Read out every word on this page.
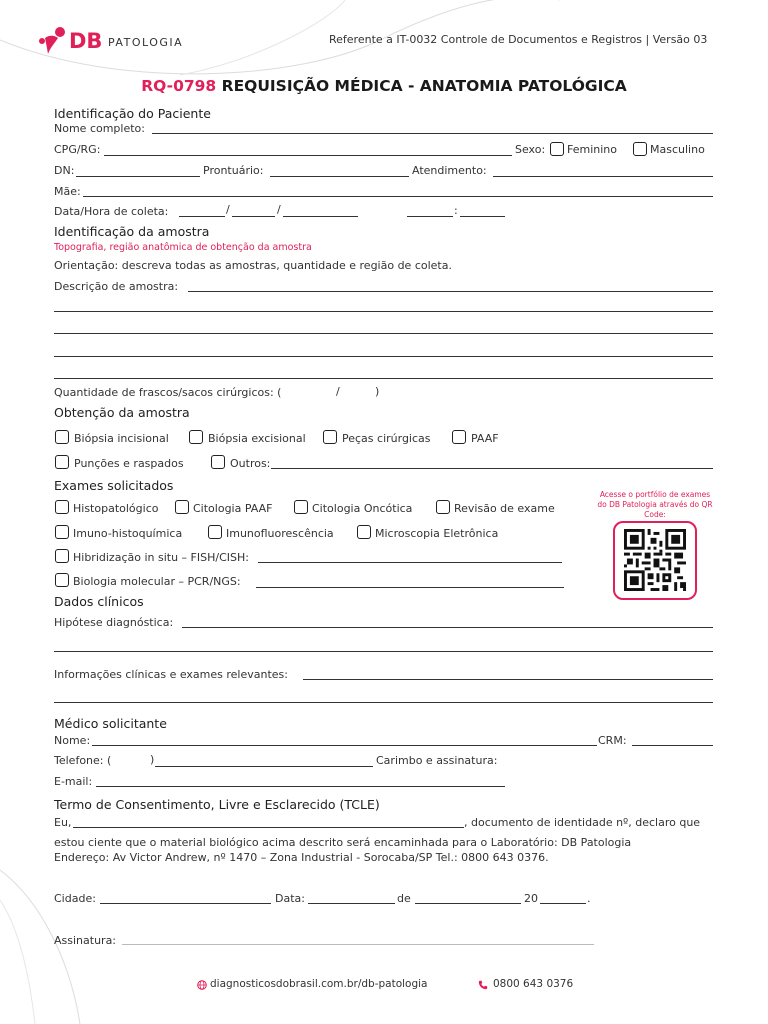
DB PATOLOGIA	Referente a IT-0032 Controle de Documentos e Registros | Versão 03
RQ-0798 REQUISIÇÃO MÉDICA - ANATOMIA PATOLÓGICA
Identificação do Paciente
Nome completo:
CPG/RG:	Sexo: Feminino	Masculino
DN:	Prontuário:	Atendimento:
Mãe:
Data/Hora de coleta:	/	/	:
Identificação da amostra
Topografia, região anatômica de obtenção da amostra
Orientação: descreva todas as amostras, quantidade e região de coleta.
Descrição de amostra:
Quantidade de frascos/sacos cirúrgicos: (	/	)
Obtenção da amostra
Biópsia incisional	Biópsia excisional	Peças cirúrgicas	PAAF
Punções e raspados	Outros:
Exames solicitados
Histopatológico	Citologia PAAF	Citologia Oncótica	Revisão de exame
Imuno-histoquímica	Imunofluorescência	Microscopia Eletrônica
Hibridização in situ – FISH/CISH:
Biologia molecular – PCR/NGS:
Acesse o portfólio de exames do DB Patologia através do QR Code:
Dados clínicos
Hipótese diagnóstica:
Informações clínicas e exames relevantes:
Médico solicitante
Nome:	CRM:
Telefone: (	)	Carimbo e assinatura:
E-mail:
Termo de Consentimento, Livre e Esclarecido (TCLE)
Eu,	, documento de identidade nº, declaro que
estou ciente que o material biológico acima descrito será encaminhada para o Laboratório: DB Patologia
Endereço: Av Victor Andrew, nº 1470 – Zona Industrial - Sorocaba/SP Tel.: 0800 643 0376.
Cidade:	Data:	de	20	.
Assinatura:
diagnosticosdobrasil.com.br/db-patologia	0800 643 0376
